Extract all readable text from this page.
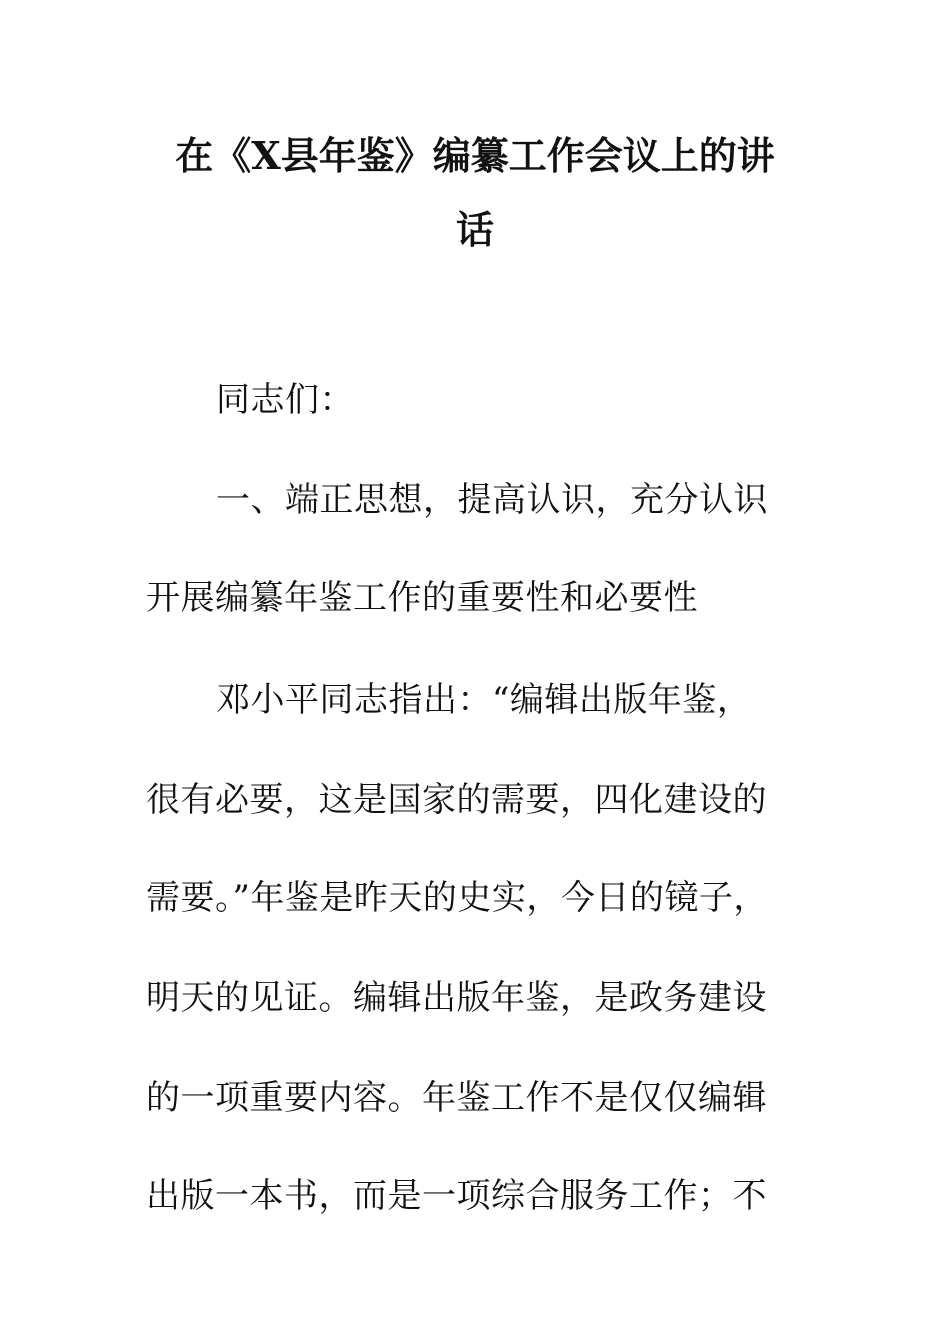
在《X县年鉴》编纂工作会议上的讲
话
同志们：
一、端正思想，提高认识，充分认识
开展编纂年鉴工作的重要性和必要性
邓小平同志指出：“编辑出版年鉴，
很有必要，这是国家的需要，四化建设的
需要。”年鉴是昨天的史实，今日的镜子，
明天的见证。编辑出版年鉴，是政务建设
的一项重要内容。年鉴工作不是仅仅编辑
出版一本书，而是一项综合服务工作；不
